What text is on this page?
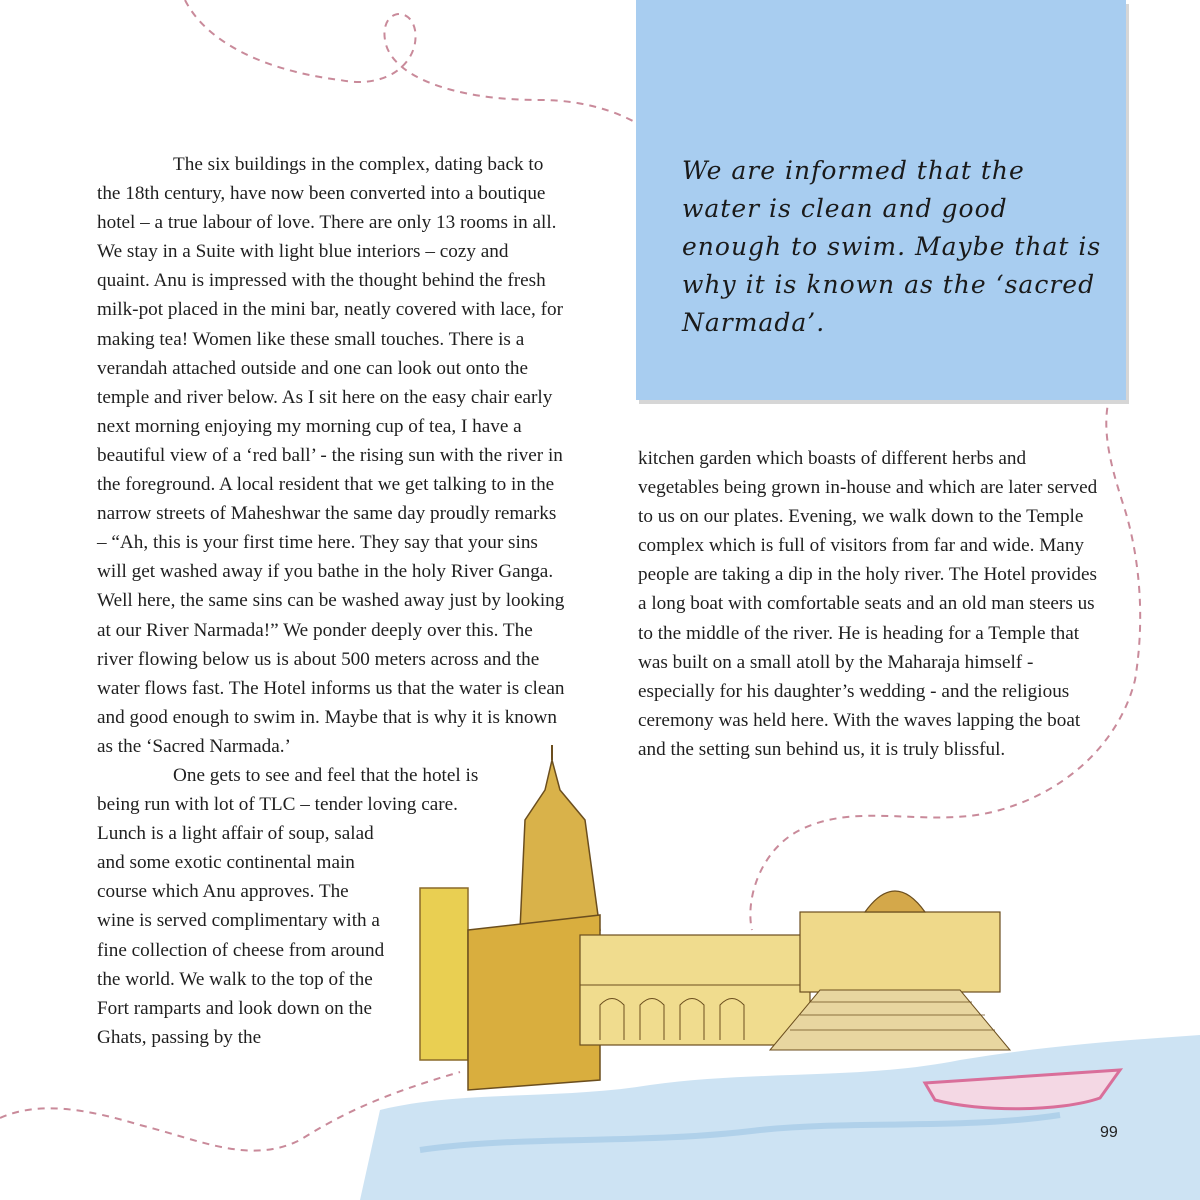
We are informed that the water is clean and good enough to swim. Maybe that is why it is known as the ‘sacred Narmada’.

The six buildings in the complex, dating back to the 18th century, have now been converted into a boutique hotel – a true labour of love. There are only 13 rooms in all. We stay in a Suite with light blue interiors – cozy and quaint. Anu is impressed with the thought behind the fresh milk-pot placed in the mini bar, neatly covered with lace, for making tea! Women like these small touches. There is a verandah attached outside and one can look out onto the temple and river below. As I sit here on the easy chair early next morning enjoying my morning cup of tea, I have a beautiful view of a ‘red ball’ - the rising sun with the river in the foreground. A local resident that we get talking to in the narrow streets of Maheshwar the same day proudly remarks – “Ah, this is your first time here. They say that your sins will get washed away if you bathe in the holy River Ganga. Well here, the same sins can be washed away just by looking at our River Narmada!” We ponder deeply over this. The river flowing below us is about 500 meters across and the water flows fast. The Hotel informs us that the water is clean and good enough to swim in. Maybe that is why it is known as the ‘Sacred Narmada.’

One gets to see and feel that the hotel is being run with lot of TLC – tender loving care.

Lunch is a light affair of soup, salad and some exotic continental main course which Anu approves. The wine is served complimentary with a fine collection of cheese from around the world. We walk to the top of the Fort ramparts and look down on the Ghats, passing by the

kitchen garden which boasts of different herbs and vegetables being grown in-house and which are later served to us on our plates. Evening, we walk down to the Temple complex which is full of visitors from far and wide. Many people are taking a dip in the holy river. The Hotel provides a long boat with comfortable seats and an old man steers us to the middle of the river. He is heading for a Temple that was built on a small atoll by the Maharaja himself - especially for his daughter’s wedding - and the religious ceremony was held here. With the waves lapping the boat and the setting sun behind us, it is truly blissful.

99
